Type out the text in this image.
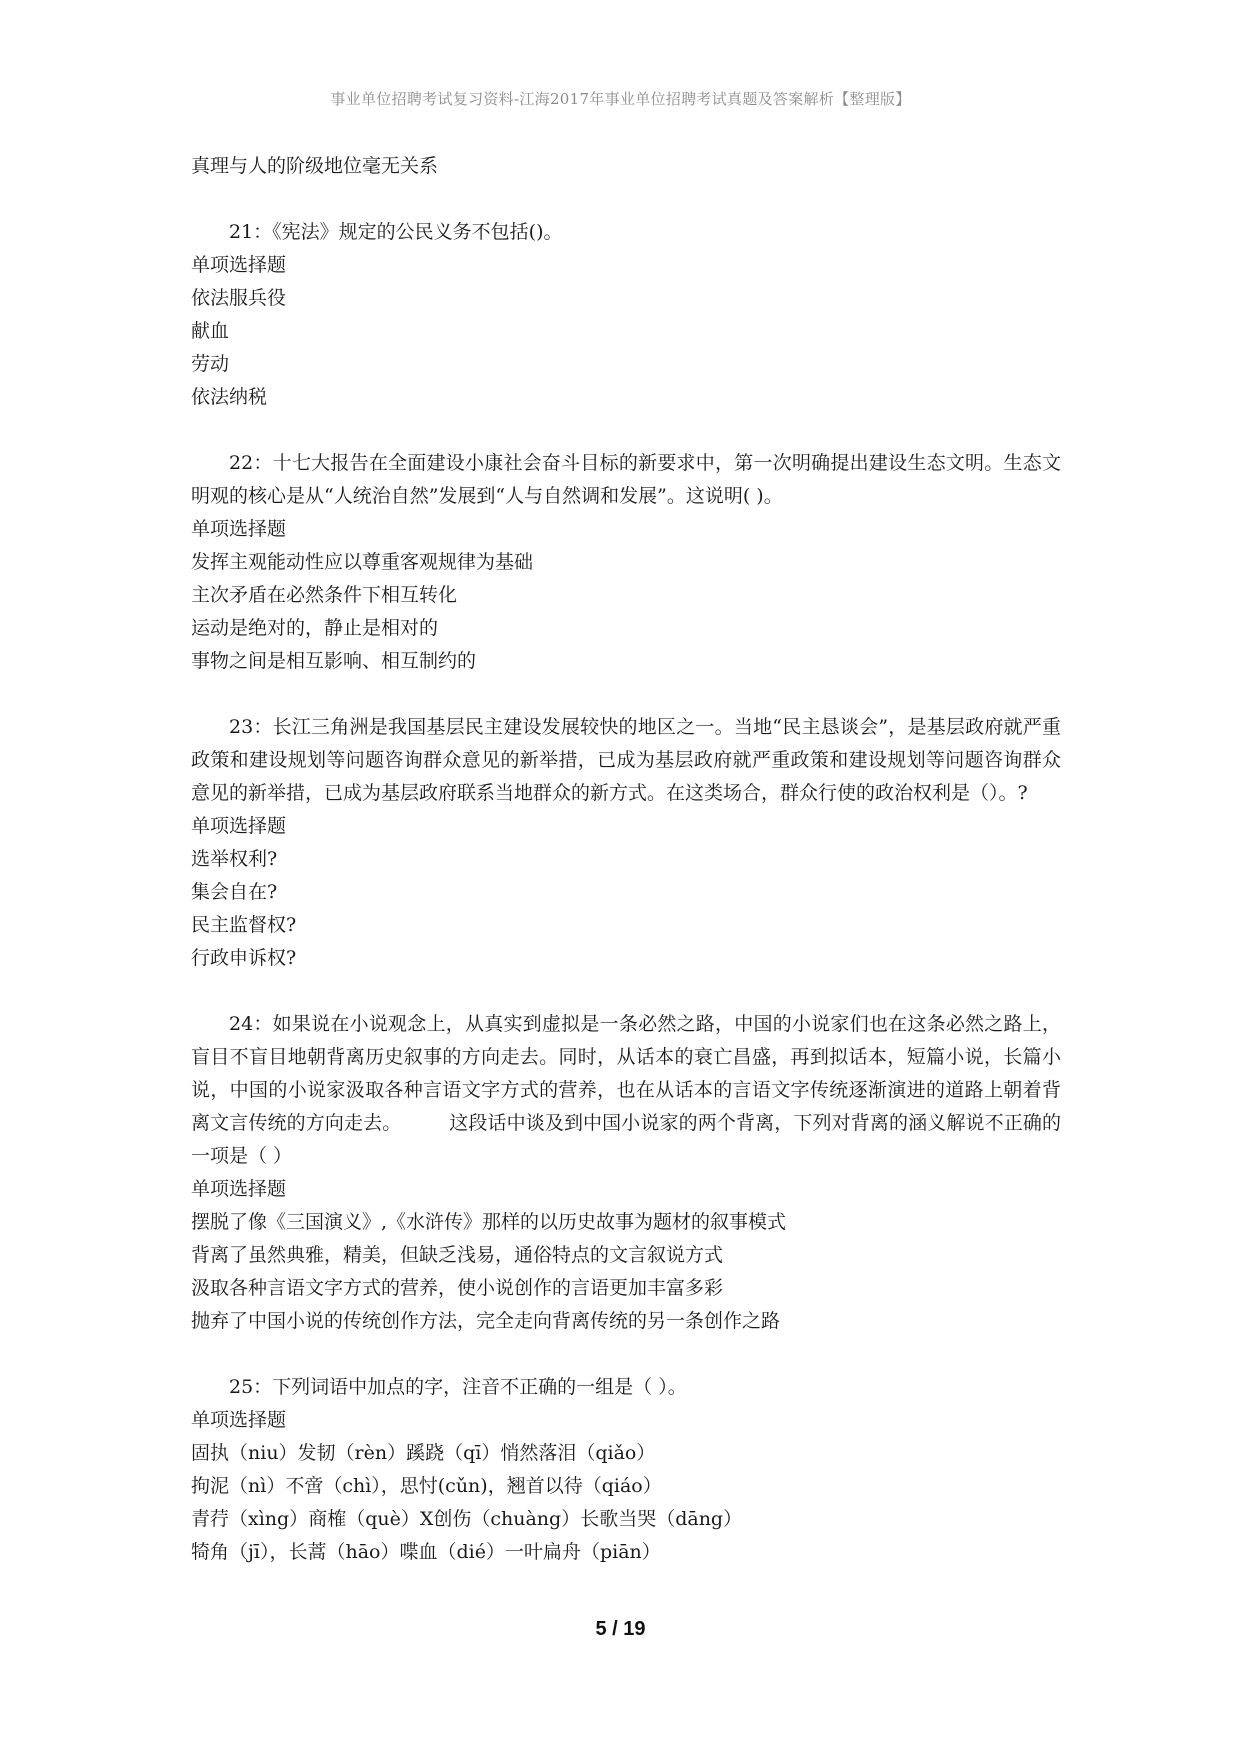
事业单位招聘考试复习资料-江海2017年事业单位招聘考试真题及答案解析【整理版】
真理与人的阶级地位毫无关系
21：《宪法》规定的公民义务不包括()。
单项选择题
依法服兵役
献血
劳动
依法纳税
22：十七大报告在全面建设小康社会奋斗目标的新要求中，第一次明确提出建设生态文明。生态文明观的核心是从“人统治自然”发展到“人与自然调和发展”。这说明( )。
单项选择题
发挥主观能动性应以尊重客观规律为基础
主次矛盾在必然条件下相互转化
运动是绝对的，静止是相对的
事物之间是相互影响、相互制约的
23：长江三角洲是我国基层民主建设发展较快的地区之一。当地“民主恳谈会”，是基层政府就严重政策和建设规划等问题咨询群众意见的新举措，已成为基层政府就严重政策和建设规划等问题咨询群众意见的新举措，已成为基层政府联系当地群众的新方式。在这类场合，群众行使的政治权利是（）。?
单项选择题
选举权利?
集会自在?
民主监督权?
行政申诉权?
24：如果说在小说观念上，从真实到虚拟是一条必然之路，中国的小说家们也在这条必然之路上，盲目不盲目地朝背离历史叙事的方向走去。同时，从话本的衰亡昌盛，再到拟话本，短篇小说，长篇小说，中国的小说家汲取各种言语文字方式的营养，也在从话本的言语文字传统逐渐演进的道路上朝着背离文言传统的方向走去。　　　这段话中谈及到中国小说家的两个背离，下列对背离的涵义解说不正确的一项是（ ）
单项选择题
摆脱了像《三国演义》,《水浒传》那样的以历史故事为题材的叙事模式
背离了虽然典雅，精美，但缺乏浅易，通俗特点的文言叙说方式
汲取各种言语文字方式的营养，使小说创作的言语更加丰富多彩
抛弃了中国小说的传统创作方法，完全走向背离传统的另一条创作之路
25：下列词语中加点的字，注音不正确的一组是（ ）。
单项选择题
固执（niu）发韧（rèn）蹊跷（qī）悄然落泪（qiǎo）
拘泥（nì）不啻（chì），思忖(cǔn)，翘首以待（qiáo）
青荇（xìng）商榷（què）X创伤（chuàng）长歌当哭（dāng）
犄角（jī），长蒿（hāo）喋血（dié）一叶扁舟（piān）
5 / 19
